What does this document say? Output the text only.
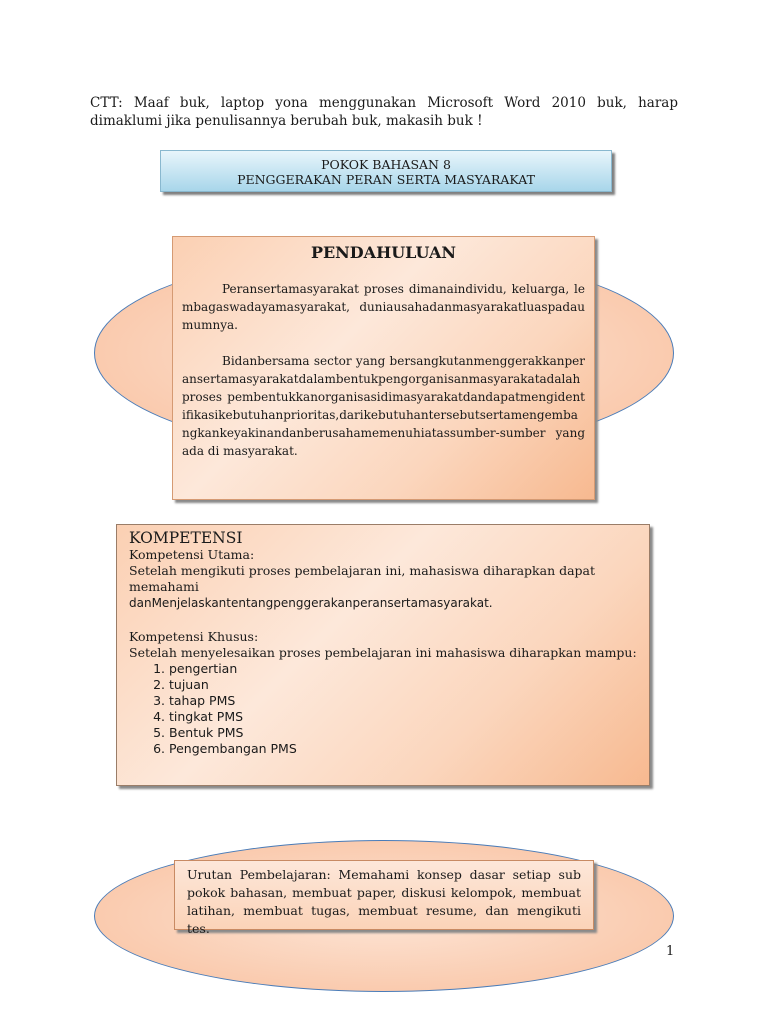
CTT: Maaf buk, laptop yona menggunakan Microsoft Word 2010 buk, harap dimaklumi jika penulisannya berubah buk, makasih buk !

POKOK BAHASAN 8
PENGGERAKAN PERAN SERTA MASYARAKAT
PENDAHULUAN

Peransertamasyarakat proses dimanaindividu, keluarga, lembagaswadayamasyarakat, duniausahadanmasyarakatluaspadaumumnya.

Bidanbersama sector yang bersangkutanmenggerakkanperansertamasyarakatdalambentukpengorganisanmasyarakatadalah proses pembentukkanorganisasidimasyarakatdandapatmengidentifikasikebutuhanprioritas,darikebutuhantersebutsertamengembangkankeyakinandanberusahamemenuhiatassumber-sumber yang ada di masyarakat.

KOMPETENSI
Kompetensi Utama:
Setelah mengikuti proses pembelajaran ini, mahasiswa diharapkan dapat memahami
danMenjelaskantentangpenggerakanperansertamasyarakat.
Kompetensi Khusus:
Setelah menyelesaikan proses pembelajaran ini mahasiswa diharapkan mampu:
1. pengertian
2. tujuan
3. tahap PMS
4. tingkat PMS
5. Bentuk PMS
6. Pengembangan PMS
Urutan Pembelajaran: Memahami konsep dasar setiap sub pokok bahasan, membuat paper, diskusi kelompok, membuat latihan, membuat tugas, membuat resume, dan mengikuti tes.
1
